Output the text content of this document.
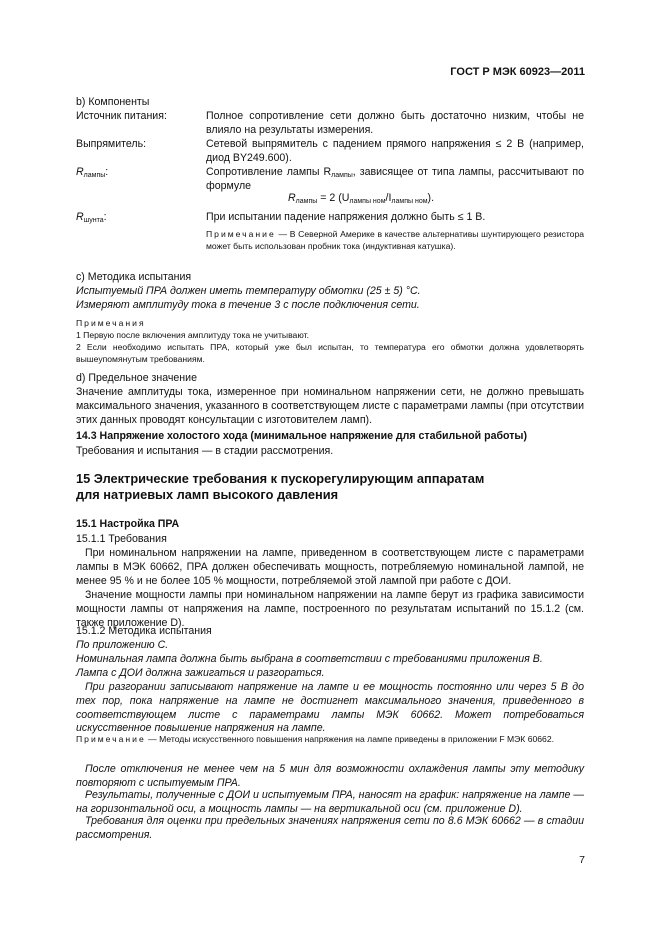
ГОСТ Р МЭК 60923—2011
b) Компоненты
Источник питания:	Полное сопротивление сети должно быть достаточно низким, чтобы не влияло на результаты измерения.
Выпрямитель:	Сетевой выпрямитель с падением прямого напряжения ≤ 2 В (например, диод BY249.600).
$R_{лампы}$:	Сопротивление лампы $R_{лампы}$, зависящее от типа лампы, рассчитывают по формуле
$R_{лампы} = 2$ $(U_{лампы ном}/I_{лампы ном})$.
$R_{шунта}$:	При испытании падение напряжения должно быть ≤ 1 В.
Примечание — В Северной Америке в качестве альтернативы шунтирующего резистора может быть использован пробник тока (индуктивная катушка).
c) Методика испытания
Испытуемый ПРА должен иметь температуру обмотки (25 ± 5) °C.
Измеряют амплитуду тока в течение 3 с после подключения сети.
Примечания
1 Первую после включения амплитуду тока не учитывают.
2 Если необходимо испытать ПРА, который уже был испытан, то температура его обмотки должна удовлетворять вышеупомянутым требованиям.
d) Предельное значение
Значение амплитуды тока, измеренное при номинальном напряжении сети, не должно превышать максимального значения, указанного в соответствующем листе с параметрами лампы (при отсутствии этих данных проводят консультации с изготовителем ламп).
14.3 Напряжение холостого хода (минимальное напряжение для стабильной работы)
Требования и испытания — в стадии рассмотрения.
15 Электрические требования к пускорегулирующим аппаратам
для натриевых ламп высокого давления
15.1 Настройка ПРА
15.1.1 Требования

При номинальном напряжении на лампе, приведенном в соответствующем листе с параметрами лампы в МЭК 60662, ПРА должен обеспечивать мощность, потребляемую номинальной лампой, не менее 95 % и не более 105 % мощности, потребляемой этой лампой при работе с ДОИ.

Значение мощности лампы при номинальном напряжении на лампе берут из графика зависимости мощности лампы от напряжения на лампе, построенного по результатам испытаний по 15.1.2 (см. также приложение D).

15.1.2 Методика испытания
По приложению С.
Номинальная лампа должна быть выбрана в соответствии с требованиями приложения В.
Лампа с ДОИ должна зажигаться и разгораться.

При разгорании записывают напряжение на лампе и ее мощность постоянно или через 5 В до тех пор, пока напряжение на лампе не достигнет максимального значения, приведенного в соответствующем листе с параметрами лампы МЭК 60662. Может потребоваться искусственное повышение напряжения на лампе.

Примечание — Методы искусственного повышения напряжения на лампе приведены в приложении F МЭК 60662.

После отключения не менее чем на 5 мин для возможности охлаждения лампы эту методику повторяют с испытуемым ПРА.

Результаты, полученные с ДОИ и испытуемым ПРА, наносят на график: напряжение на лампе — на горизонтальной оси, а мощность лампы — на вертикальной оси (см. приложение D).

Требования для оценки при предельных значениях напряжения сети по 8.6 МЭК 60662 — в стадии рассмотрения.

7
